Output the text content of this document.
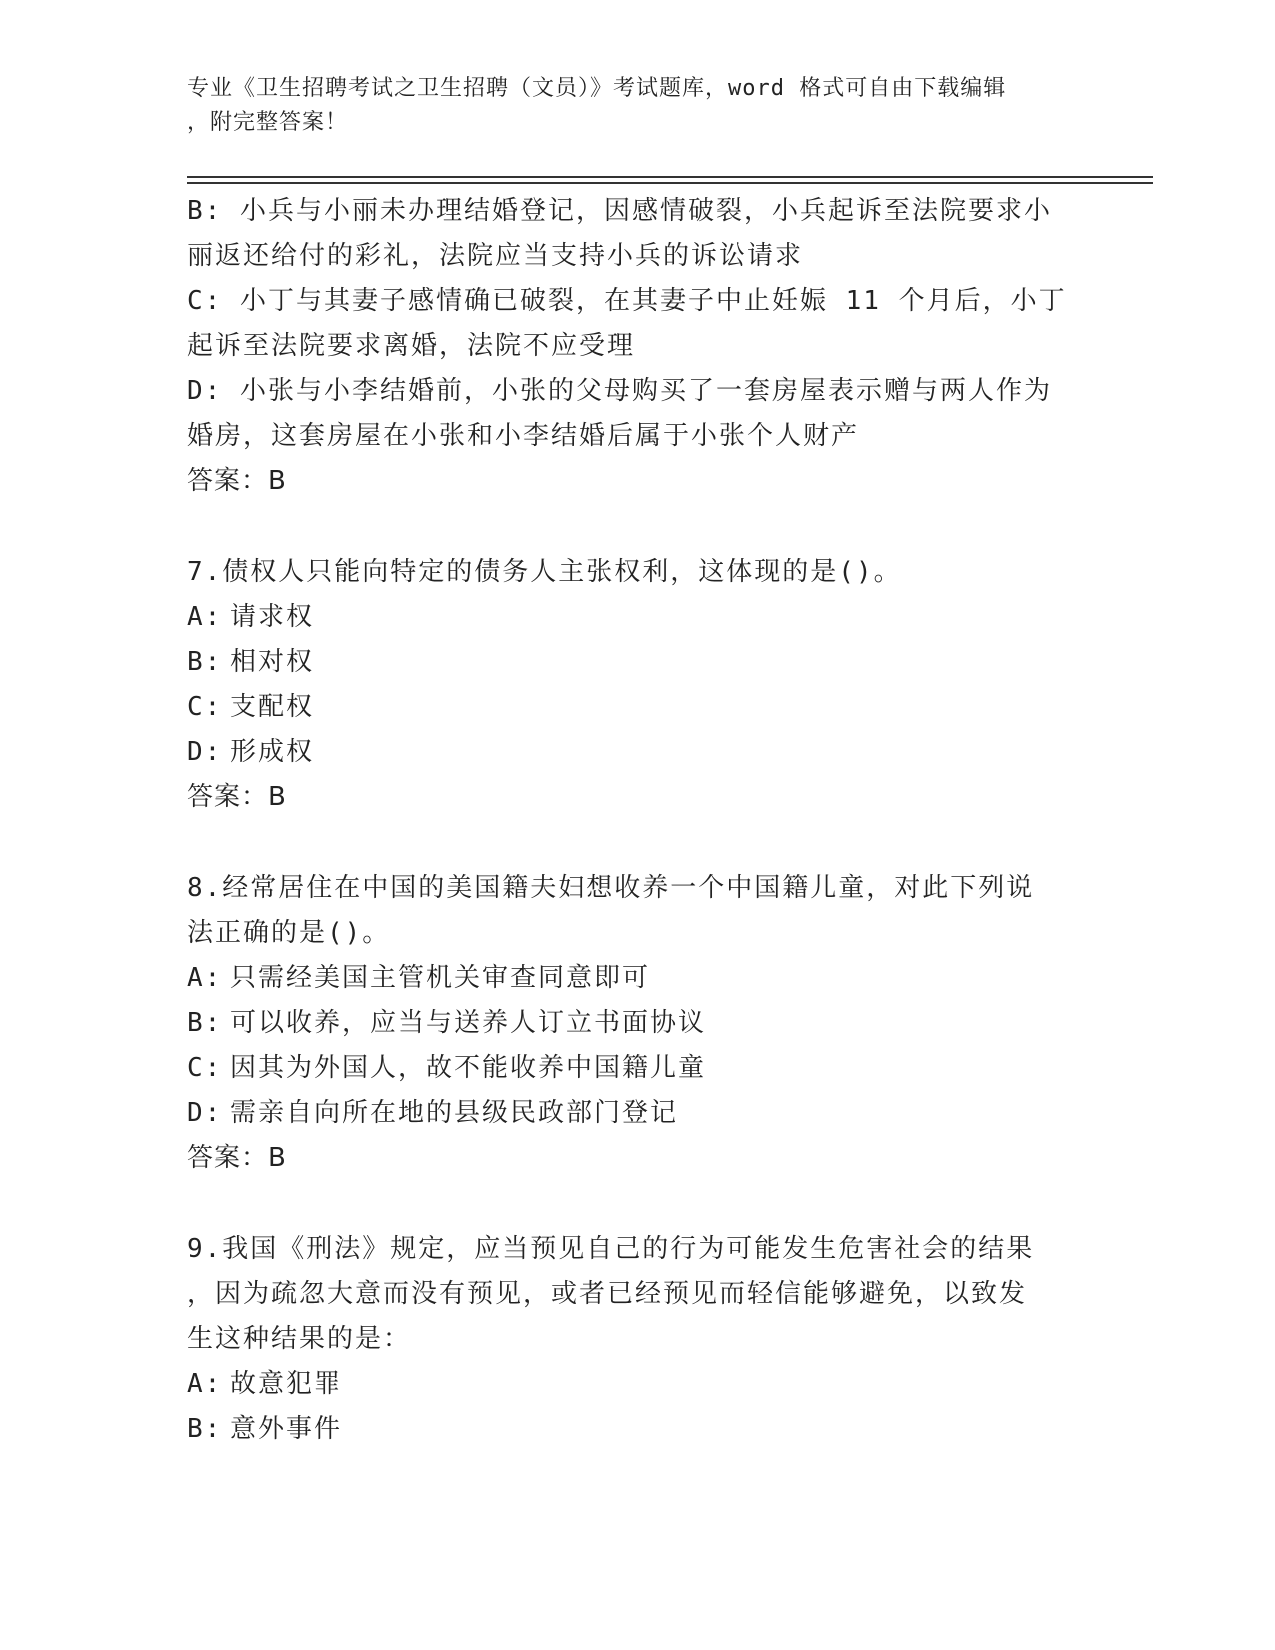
专业《卫生招聘考试之卫生招聘（文员）》考试题库，word 格式可自由下载编辑
，附完整答案！
B: 小兵与小丽未办理结婚登记，因感情破裂，小兵起诉至法院要求小
丽返还给付的彩礼，法院应当支持小兵的诉讼请求
C: 小丁与其妻子感情确已破裂，在其妻子中止妊娠 11 个月后，小丁
起诉至法院要求离婚，法院不应受理
D: 小张与小李结婚前，小张的父母购买了一套房屋表示赠与两人作为
婚房，这套房屋在小张和小李结婚后属于小张个人财产
答案：B
7.债权人只能向特定的债务人主张权利，这体现的是()。
A: 请求权
B: 相对权
C: 支配权
D: 形成权
答案：B
8.经常居住在中国的美国籍夫妇想收养一个中国籍儿童，对此下列说
法正确的是()。
A: 只需经美国主管机关审查同意即可
B: 可以收养，应当与送养人订立书面协议
C: 因其为外国人，故不能收养中国籍儿童
D: 需亲自向所在地的县级民政部门登记
答案：B
9.我国《刑法》规定，应当预见自己的行为可能发生危害社会的结果
，因为疏忽大意而没有预见，或者已经预见而轻信能够避免，以致发
生这种结果的是：
A: 故意犯罪
B: 意外事件
